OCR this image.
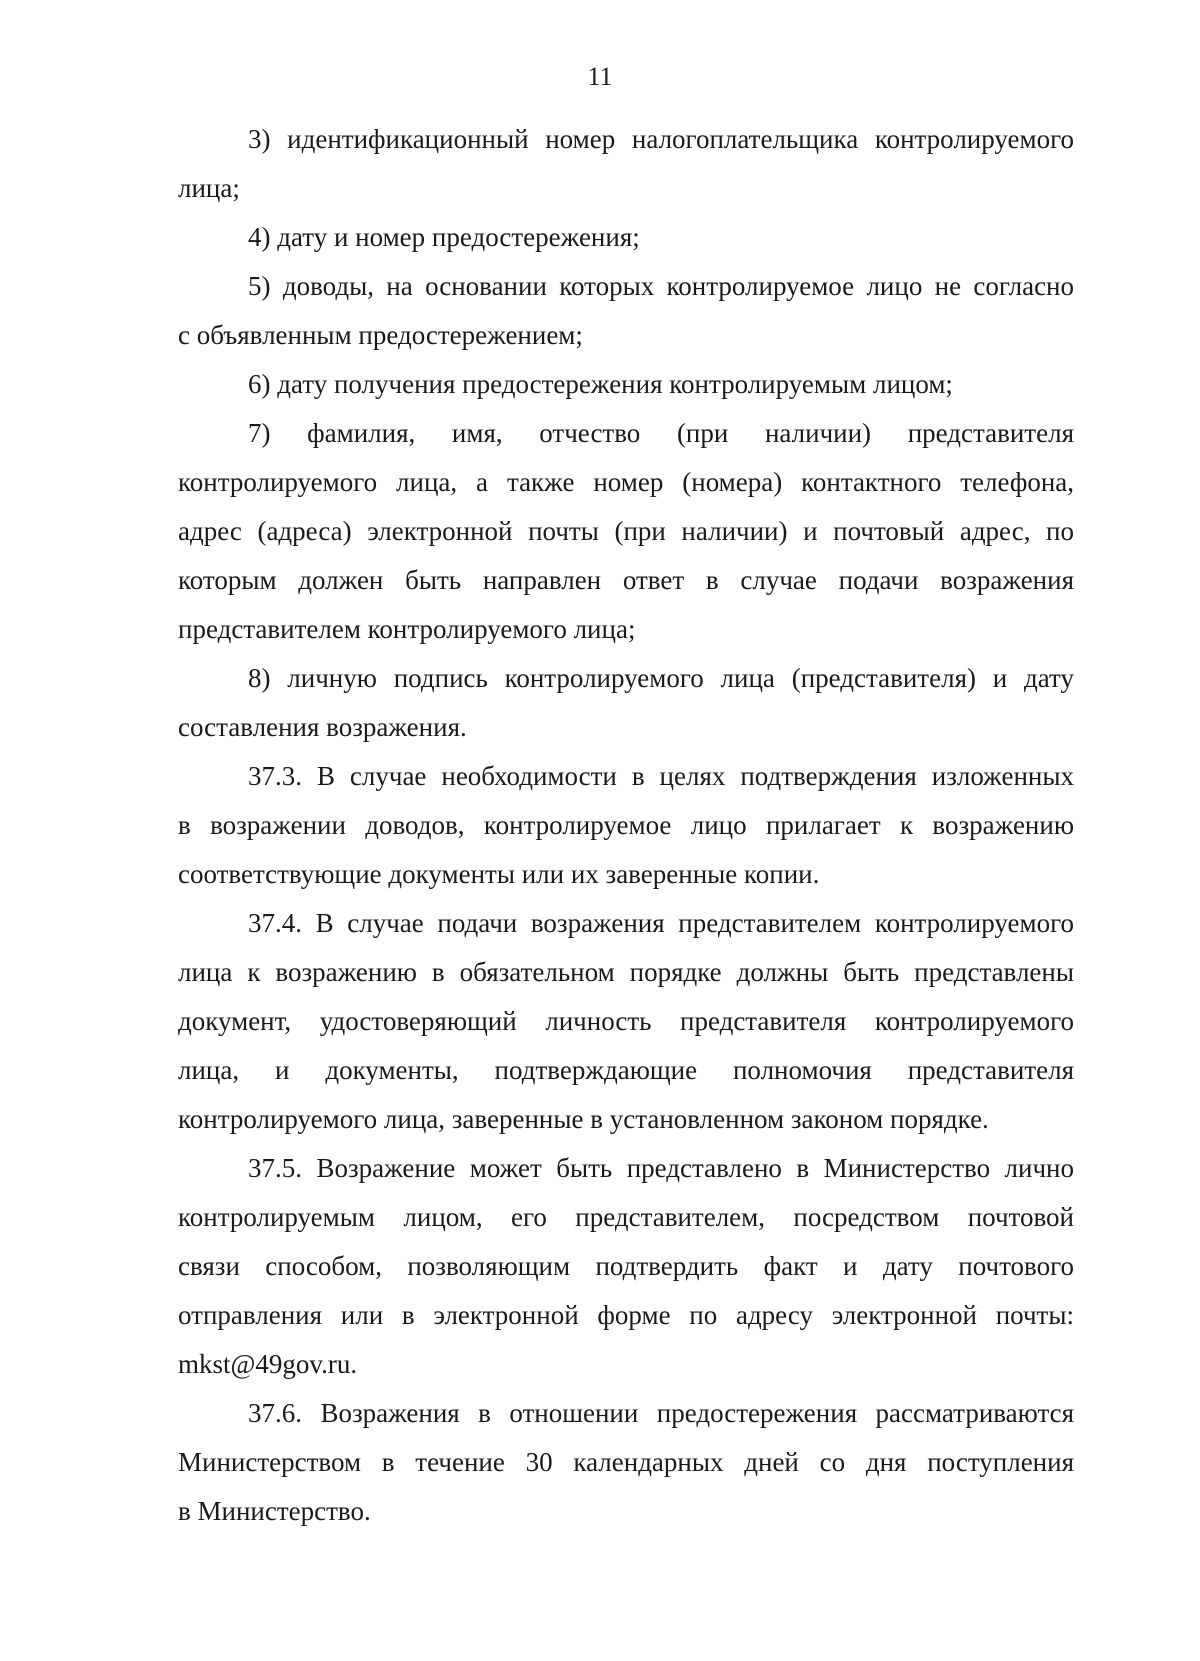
11
3) идентификационный номер налогоплательщика контролируемого
лица;
4) дату и номер предостережения;
5) доводы, на основании которых контролируемое лицо не согласно
с объявленным предостережением;
6) дату получения предостережения контролируемым лицом;
7) фамилия, имя, отчество (при наличии) представителя
контролируемого лица, а также номер (номера) контактного телефона,
адрес (адреса) электронной почты (при наличии) и почтовый адрес, по
которым должен быть направлен ответ в случае подачи возражения
представителем контролируемого лица;
8) личную подпись контролируемого лица (представителя) и дату
составления возражения.
37.3. В случае необходимости в целях подтверждения изложенных
в возражении доводов, контролируемое лицо прилагает к возражению
соответствующие документы или их заверенные копии.
37.4. В случае подачи возражения представителем контролируемого
лица к возражению в обязательном порядке должны быть представлены
документ, удостоверяющий личность представителя контролируемого
лица, и документы, подтверждающие полномочия представителя
контролируемого лица, заверенные в установленном законом порядке.
37.5. Возражение может быть представлено в Министерство лично
контролируемым лицом, его представителем, посредством почтовой
связи способом, позволяющим подтвердить факт и дату почтового
отправления или в электронной форме по адресу электронной почты:
mkst@49gov.ru.
37.6. Возражения в отношении предостережения рассматриваются
Министерством в течение 30 календарных дней со дня поступления
в Министерство.
